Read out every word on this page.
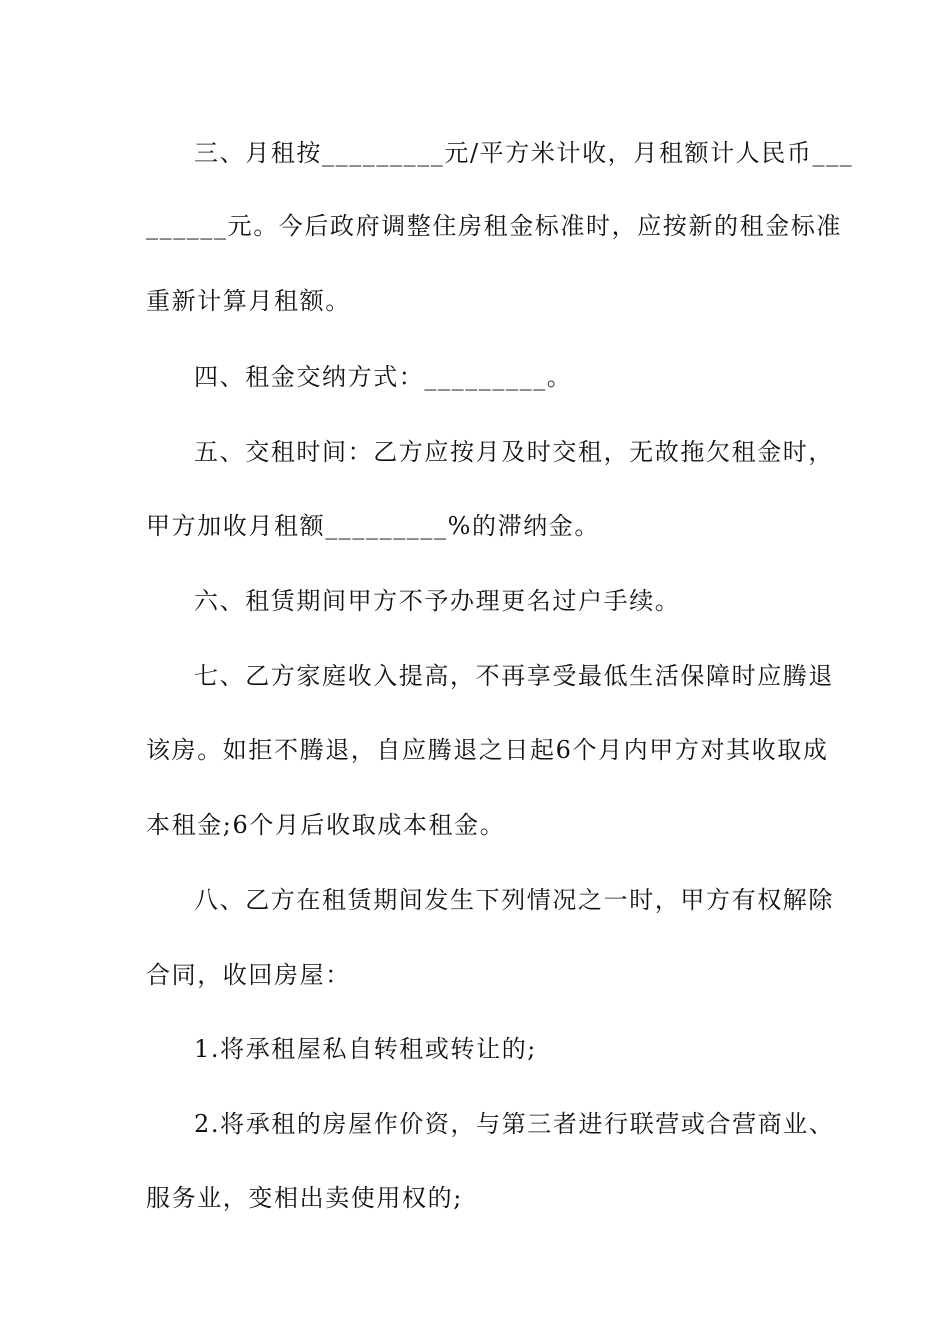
三、月租按_________元/平方米计收，月租额计人民币___
______元。今后政府调整住房租金标准时，应按新的租金标准
重新计算月租额。
四、租金交纳方式：_________。
五、交租时间：乙方应按月及时交租，无故拖欠租金时，
甲方加收月租额_________%的滞纳金。
六、租赁期间甲方不予办理更名过户手续。
七、乙方家庭收入提高，不再享受最低生活保障时应腾退
该房。如拒不腾退，自应腾退之日起6个月内甲方对其收取成
本租金;6个月后收取成本租金。
八、乙方在租赁期间发生下列情况之一时，甲方有权解除
合同，收回房屋：
1.将承租屋私自转租或转让的;
2.将承租的房屋作价资，与第三者进行联营或合营商业、
服务业，变相出卖使用权的;
